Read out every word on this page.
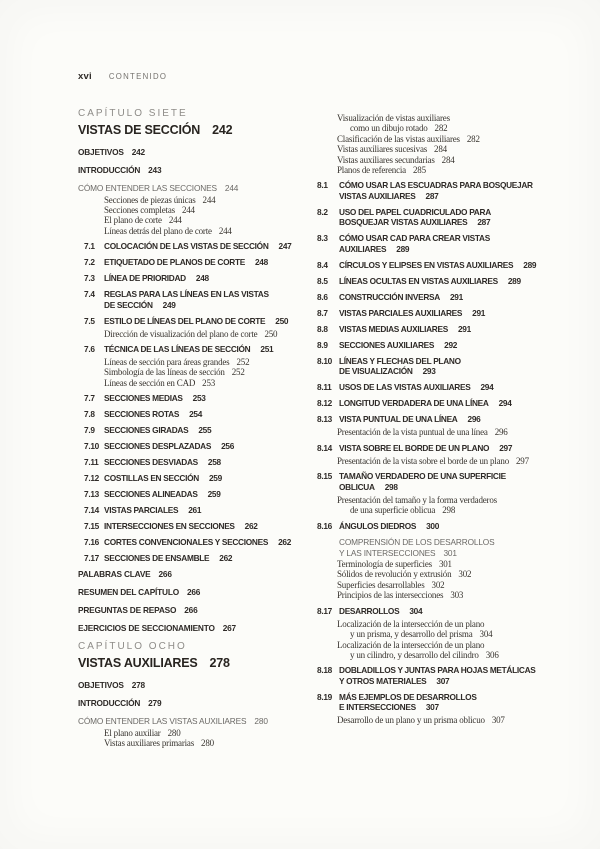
xvi CONTENIDO
CAPÍTULO SIETE
VISTAS DE SECCIÓN 242
OBJETIVOS 242
INTRODUCCIÓN 243
CÓMO ENTENDER LAS SECCIONES 244
Secciones de piezas únicas 244
Secciones completas 244
El plano de corte 244
Líneas detrás del plano de corte 244
7.1	COLOCACIÓN DE LAS VISTAS DE SECCIÓN 247
7.2	ETIQUETADO DE PLANOS DE CORTE 248
7.3	LÍNEA DE PRIORIDAD 248
7.4	REGLAS PARA LAS LÍNEAS EN LAS VISTAS
DE SECCIÓN 249
7.5	ESTILO DE LÍNEAS DEL PLANO DE CORTE 250
Dirección de visualización del plano de corte 250
7.6	TÉCNICA DE LAS LÍNEAS DE SECCIÓN 251
Líneas de sección para áreas grandes 252
Simbología de las líneas de sección 252
Líneas de sección en CAD 253
7.7	SECCIONES MEDIAS 253
7.8	SECCIONES ROTAS 254
7.9	SECCIONES GIRADAS 255
7.10 SECCIONES DESPLAZADAS 256
7.11 SECCIONES DESVIADAS 258
7.12 COSTILLAS EN SECCIÓN 259
7.13 SECCIONES ALINEADAS 259
7.14 VISTAS PARCIALES 261
7.15 INTERSECCIONES EN SECCIONES 262
7.16 CORTES CONVENCIONALES Y SECCIONES 262
7.17 SECCIONES DE ENSAMBLE 262
PALABRAS CLAVE 266
RESUMEN DEL CAPÍTULO 266
PREGUNTAS DE REPASO 266
EJERCICIOS DE SECCIONAMIENTO 267
CAPÍTULO OCHO
VISTAS AUXILIARES 278
OBJETIVOS 278
INTRODUCCIÓN 279
CÓMO ENTENDER LAS VISTAS AUXILIARES 280
El plano auxiliar 280
Vistas auxiliares primarias 280
Visualización de vistas auxiliares
como un dibujo rotado 282
Clasificación de las vistas auxiliares 282
Vistas auxiliares sucesivas 284
Vistas auxiliares secundarias 284
Planos de referencia 285
8.1	CÓMO USAR LAS ESCUADRAS PARA BOSQUEJAR
VISTAS AUXILIARES 287
8.2	USO DEL PAPEL CUADRICULADO PARA
BOSQUEJAR VISTAS AUXILIARES 287
8.3	CÓMO USAR CAD PARA CREAR VISTAS
AUXILIARES 289
8.4	CÍRCULOS Y ELIPSES EN VISTAS AUXILIARES 289
8.5	LÍNEAS OCULTAS EN VISTAS AUXILIARES 289
8.6	CONSTRUCCIÓN INVERSA 291
8.7	VISTAS PARCIALES AUXILIARES 291
8.8	VISTAS MEDIAS AUXILIARES 291
8.9	SECCIONES AUXILIARES 292
8.10 LÍNEAS Y FLECHAS DEL PLANO
DE VISUALIZACIÓN 293
8.11 USOS DE LAS VISTAS AUXILIARES 294
8.12 LONGITUD VERDADERA DE UNA LÍNEA 294
8.13 VISTA PUNTUAL DE UNA LÍNEA 296
Presentación de la vista puntual de una línea 296
8.14 VISTA SOBRE EL BORDE DE UN PLANO 297
Presentación de la vista sobre el borde de un plano 297
8.15 TAMAÑO VERDADERO DE UNA SUPERFICIE
OBLICUA 298
Presentación del tamaño y la forma verdaderos
de una superficie oblicua 298
8.16 ÁNGULOS DIEDROS 300
COMPRENSIÓN DE LOS DESARROLLOS
Y LAS INTERSECCIONES 301
Terminología de superficies 301
Sólidos de revolución y extrusión 302
Superficies desarrollables 302
Principios de las intersecciones 303
8.17 DESARROLLOS 304
Localización de la intersección de un plano
y un prisma, y desarrollo del prisma 304
Localización de la intersección de un plano
y un cilindro, y desarrollo del cilindro 306
8.18 DOBLADILLOS Y JUNTAS PARA HOJAS METÁLICAS
Y OTROS MATERIALES 307
8.19 MÁS EJEMPLOS DE DESARROLLOS
E INTERSECCIONES 307
Desarrollo de un plano y un prisma oblicuo 307
